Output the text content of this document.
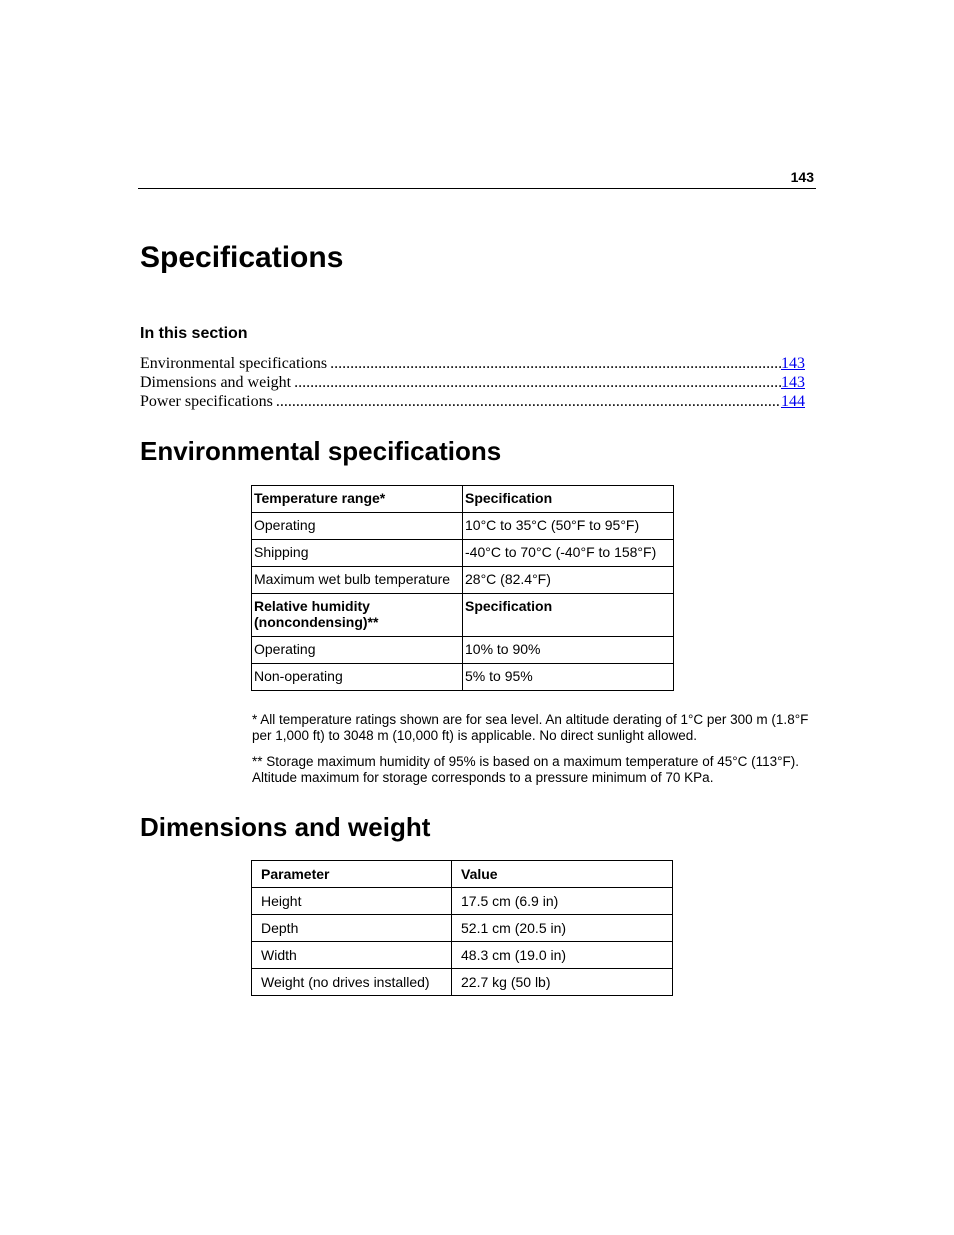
143
Specifications
In this section
Environmental specifications .....	143
Dimensions and weight .....	143
Power specifications .....	144
Environmental specifications
Temperature range*	Specification
Operating	10°C to 35°C (50°F to 95°F)
Shipping	-40°C to 70°C (-40°F to 158°F)
Maximum wet bulb temperature	28°C (82.4°F)
Relative humidity (noncondensing)**	Specification
Operating	10% to 90%
Non-operating	5% to 95%

* All temperature ratings shown are for sea level. An altitude derating of 1°C per 300 m (1.8°F per 1,000 ft) to 3048 m (10,000 ft) is applicable. No direct sunlight allowed.

** Storage maximum humidity of 95% is based on a maximum temperature of 45°C (113°F). Altitude maximum for storage corresponds to a pressure minimum of 70 KPa.

Dimensions and weight
Parameter	Value
Height	17.5 cm (6.9 in)
Depth	52.1 cm (20.5 in)
Width	48.3 cm (19.0 in)
Weight (no drives installed)	22.7 kg (50 lb)
